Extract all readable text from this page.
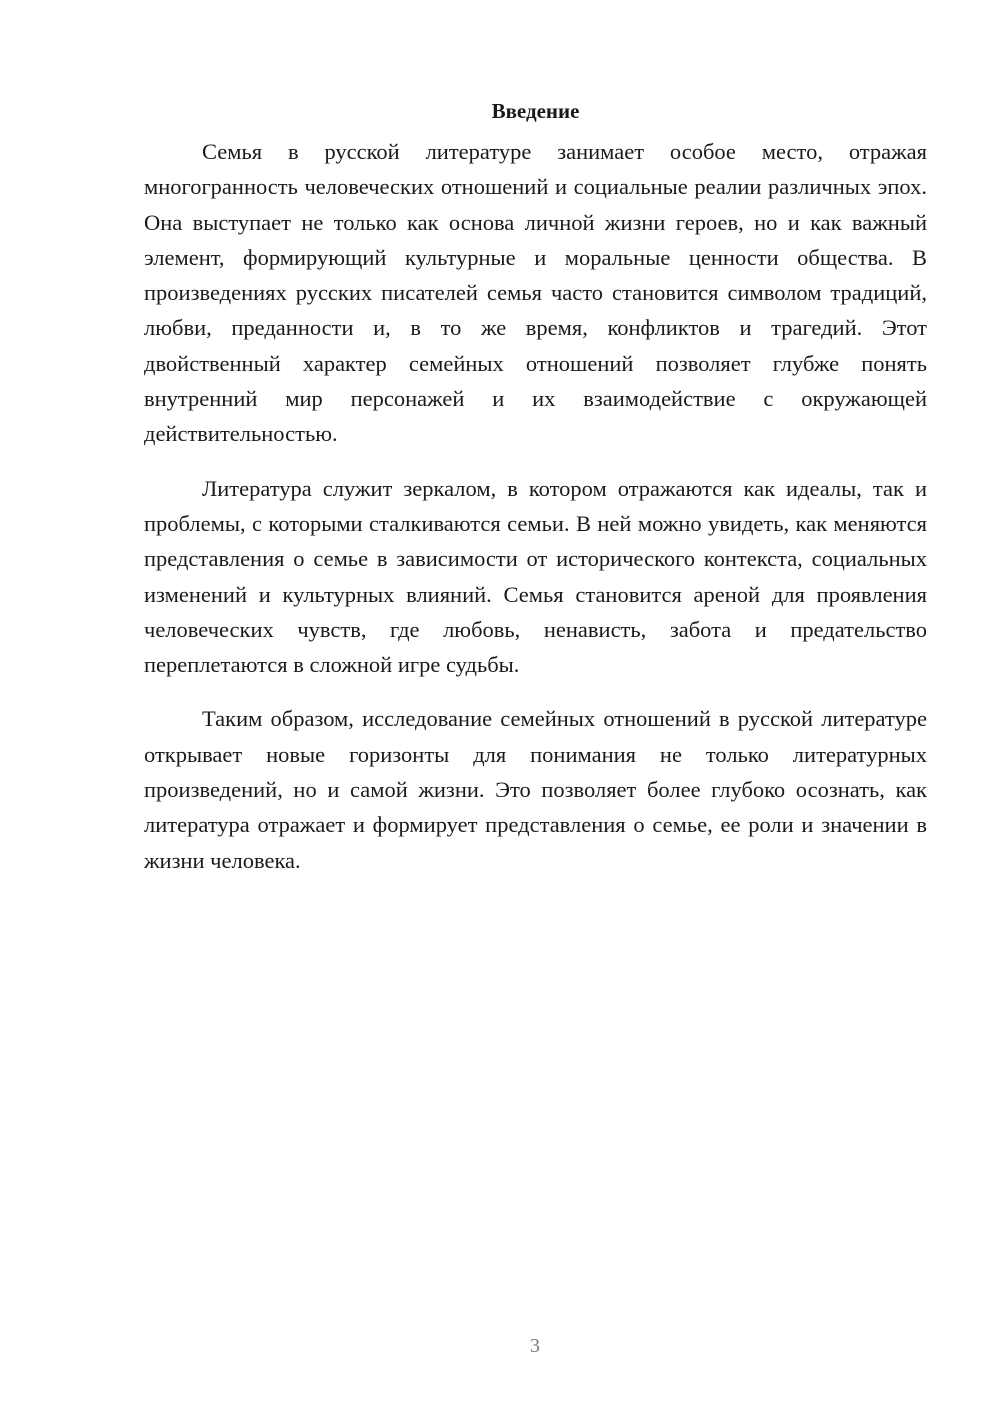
Введение

Семья в русской литературе занимает особое место, отражая многогранность человеческих отношений и социальные реалии различных эпох. Она выступает не только как основа личной жизни героев, но и как важный элемент, формирующий культурные и моральные ценности общества. В произведениях русских писателей семья часто становится символом традиций, любви, преданности и, в то же время, конфликтов и трагедий. Этот двойственный характер семейных отношений позволяет глубже понять внутренний мир персонажей и их взаимодействие с окружающей действительностью.

Литература служит зеркалом, в котором отражаются как идеалы, так и проблемы, с которыми сталкиваются семьи. В ней можно увидеть, как меняются представления о семье в зависимости от исторического контекста, социальных изменений и культурных влияний. Семья становится ареной для проявления человеческих чувств, где любовь, ненависть, забота и предательство переплетаются в сложной игре судьбы.

Таким образом, исследование семейных отношений в русской литературе открывает новые горизонты для понимания не только литературных произведений, но и самой жизни. Это позволяет более глубоко осознать, как литература отражает и формирует представления о семье, ее роли и значении в жизни человека.

3
